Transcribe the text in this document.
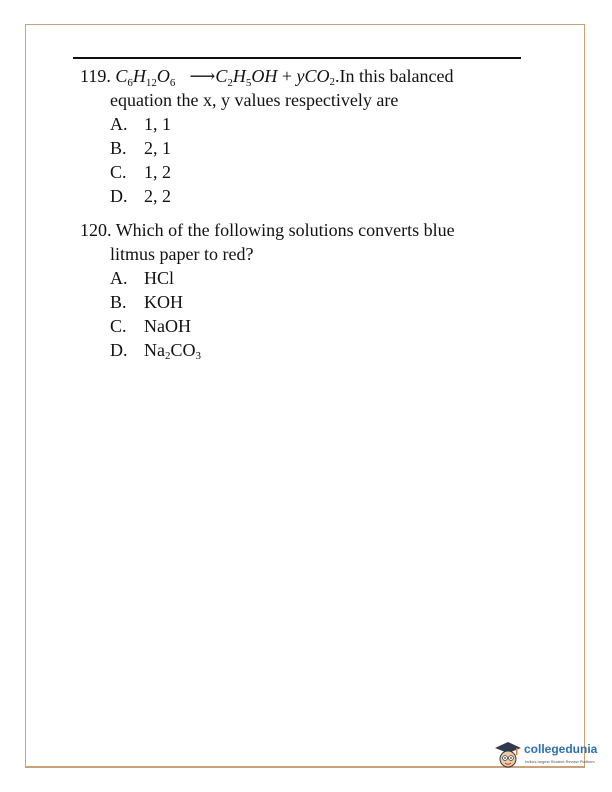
119. $C_6H_{12}O_6$ $⟶C_2H_5OH + yCO_2.In$ this balanced
equation the x, y values respectively are
A. 1, 1
B. 2, 1
C. 1, 2
D. 2, 2
120. Which of the following solutions converts blue
litmus paper to red?
A. HCl
B. KOH
C. NaOH
D. $Na_2CO_3$
collegedunia
India's largest Student Review Platform
